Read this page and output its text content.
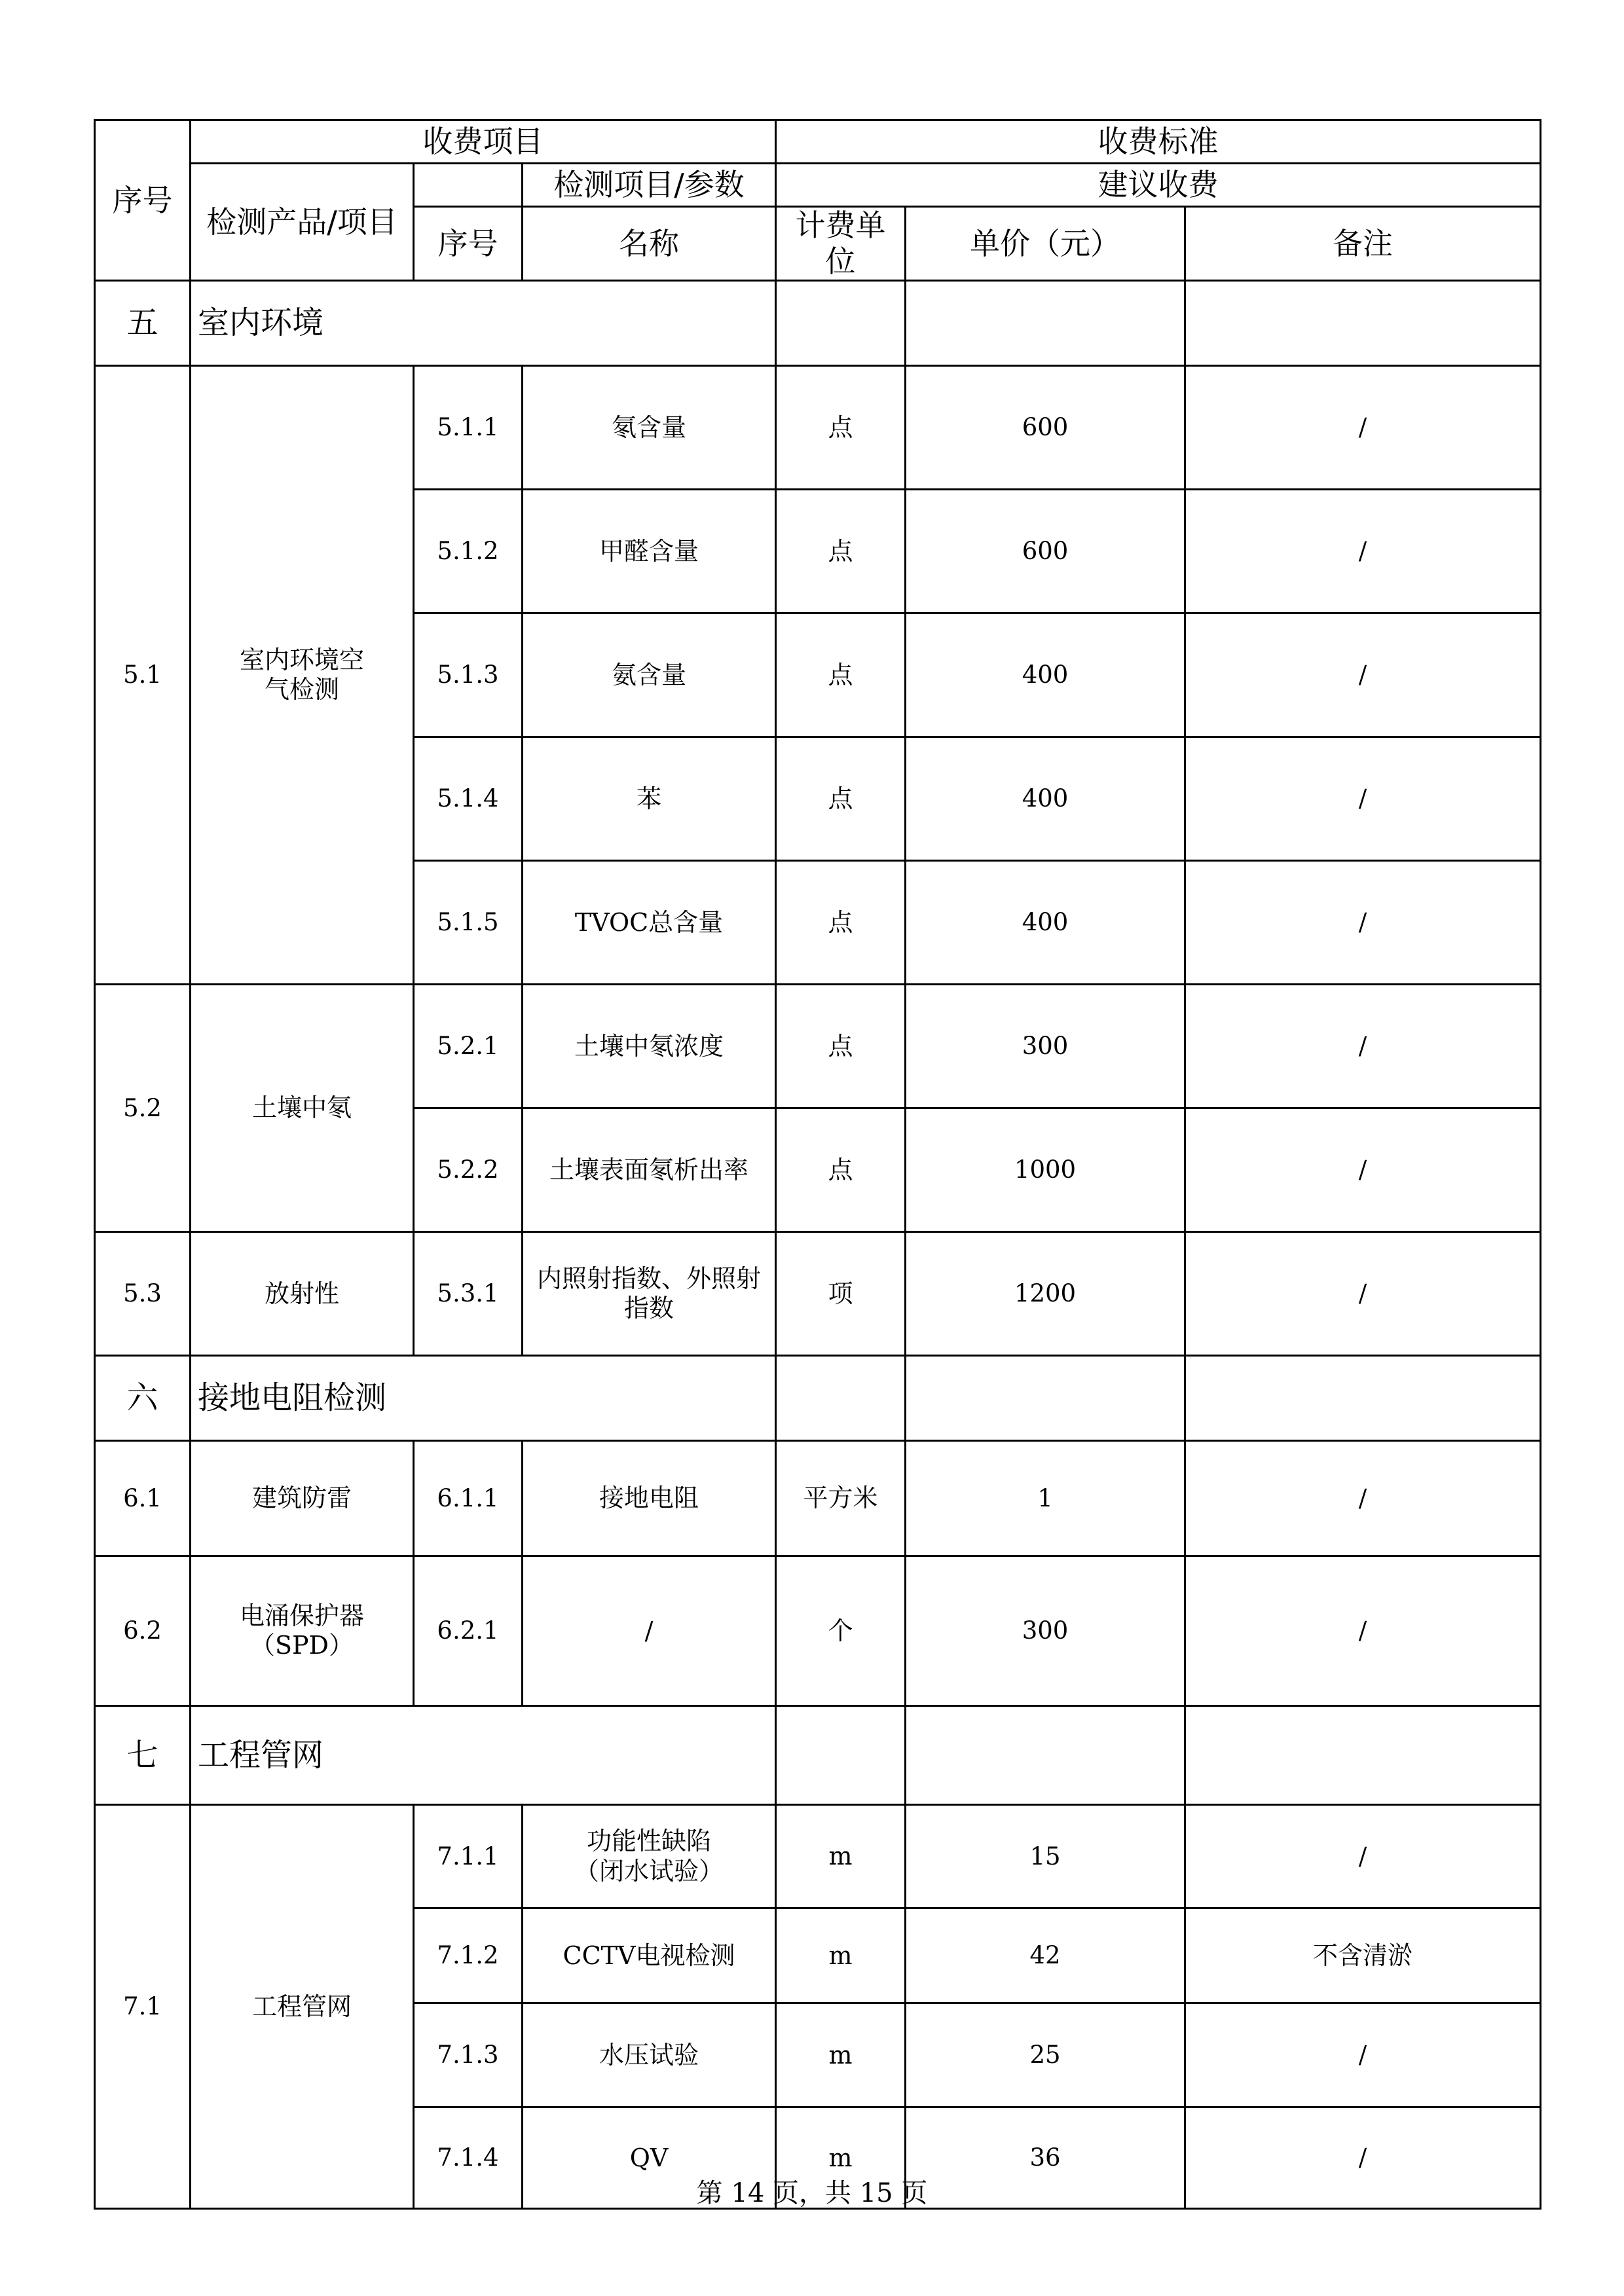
序号	收费项目			收费标准		
	检测产品/项目		检测项目/参数	建议收费		
		序号	名称	计费单位	单价（元）	备注
五	室内环境					
5.1	室内环境空气检测	5.1.1	氡含量	点	600	/
		5.1.2	甲醛含量	点	600	/
		5.1.3	氨含量	点	400	/
		5.1.4	苯	点	400	/
		5.1.5	TVOC总含量	点	400	/
5.2	土壤中氡	5.2.1	土壤中氡浓度	点	300	/
		5.2.2	土壤表面氡析出率	点	1000	/
5.3	放射性	5.3.1	内照射指数、外照射指数	项	1200	/
六	接地电阻检测					
6.1	建筑防雷	6.1.1	接地电阻	平方米	1	/
6.2	电涌保护器（SPD）	6.2.1	/	个	300	/
七	工程管网					
7.1	工程管网	7.1.1	功能性缺陷（闭水试验）	m	15	/
		7.1.2	CCTV电视检测	m	42	不含清淤
		7.1.3	水压试验	m	25	/
		7.1.4	QV	m	36	/
第 14 页，共 15 页
